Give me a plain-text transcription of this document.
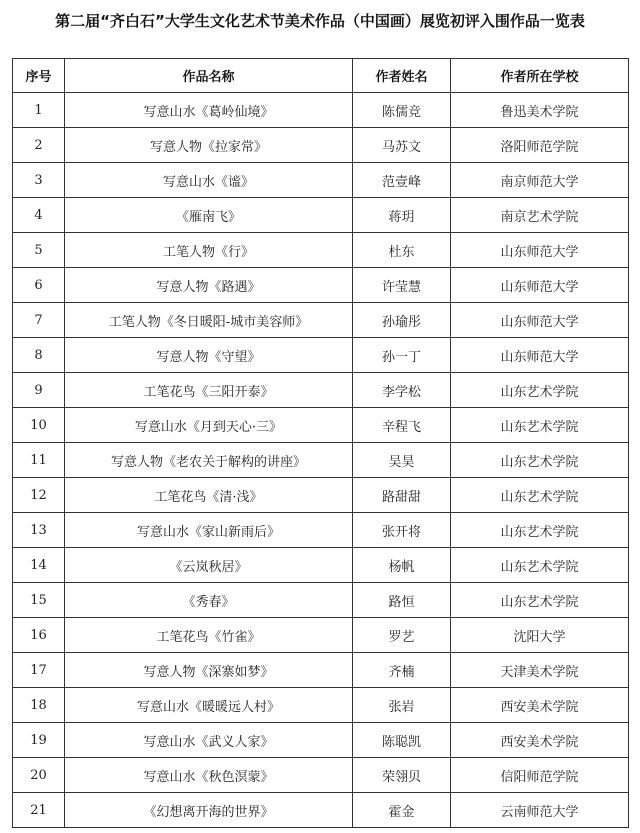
第二届“齐白石”大学生文化艺术节美术作品（中国画）展览初评入围作品一览表
序号	作品名称	作者姓名	作者所在学校
1	写意山水《葛岭仙境》	陈儒竞	鲁迅美术学院
2	写意人物《拉家常》	马苏文	洛阳师范学院
3	写意山水《谧》	范壹峰	南京师范大学
4	《雁南飞》	蒋玥	南京艺术学院
5	工笔人物《行》	杜东	山东师范大学
6	写意人物《路遇》	许莹慧	山东师范大学
7	工笔人物《冬日暖阳-城市美容师》	孙瑜彤	山东师范大学
8	写意人物《守望》	孙一丁	山东师范大学
9	工笔花鸟《三阳开泰》	李学松	山东艺术学院
10	写意山水《月到天心·三》	辛程飞	山东艺术学院
11	写意人物《老农关于解构的讲座》	吴昊	山东艺术学院
12	工笔花鸟《清·浅》	路甜甜	山东艺术学院
13	写意山水《家山新雨后》	张开将	山东艺术学院
14	《云岚秋居》	杨帆	山东艺术学院
15	《秀春》	路恒	山东艺术学院
16	工笔花鸟《竹雀》	罗艺	沈阳大学
17	写意人物《深寨如梦》	齐楠	天津美术学院
18	写意山水《暖暖远人村》	张岩	西安美术学院
19	写意山水《武义人家》	陈聪凯	西安美术学院
20	写意山水《秋色溟蒙》	荣翎贝	信阳师范学院
21	《幻想离开海的世界》	霍金	云南师范大学
